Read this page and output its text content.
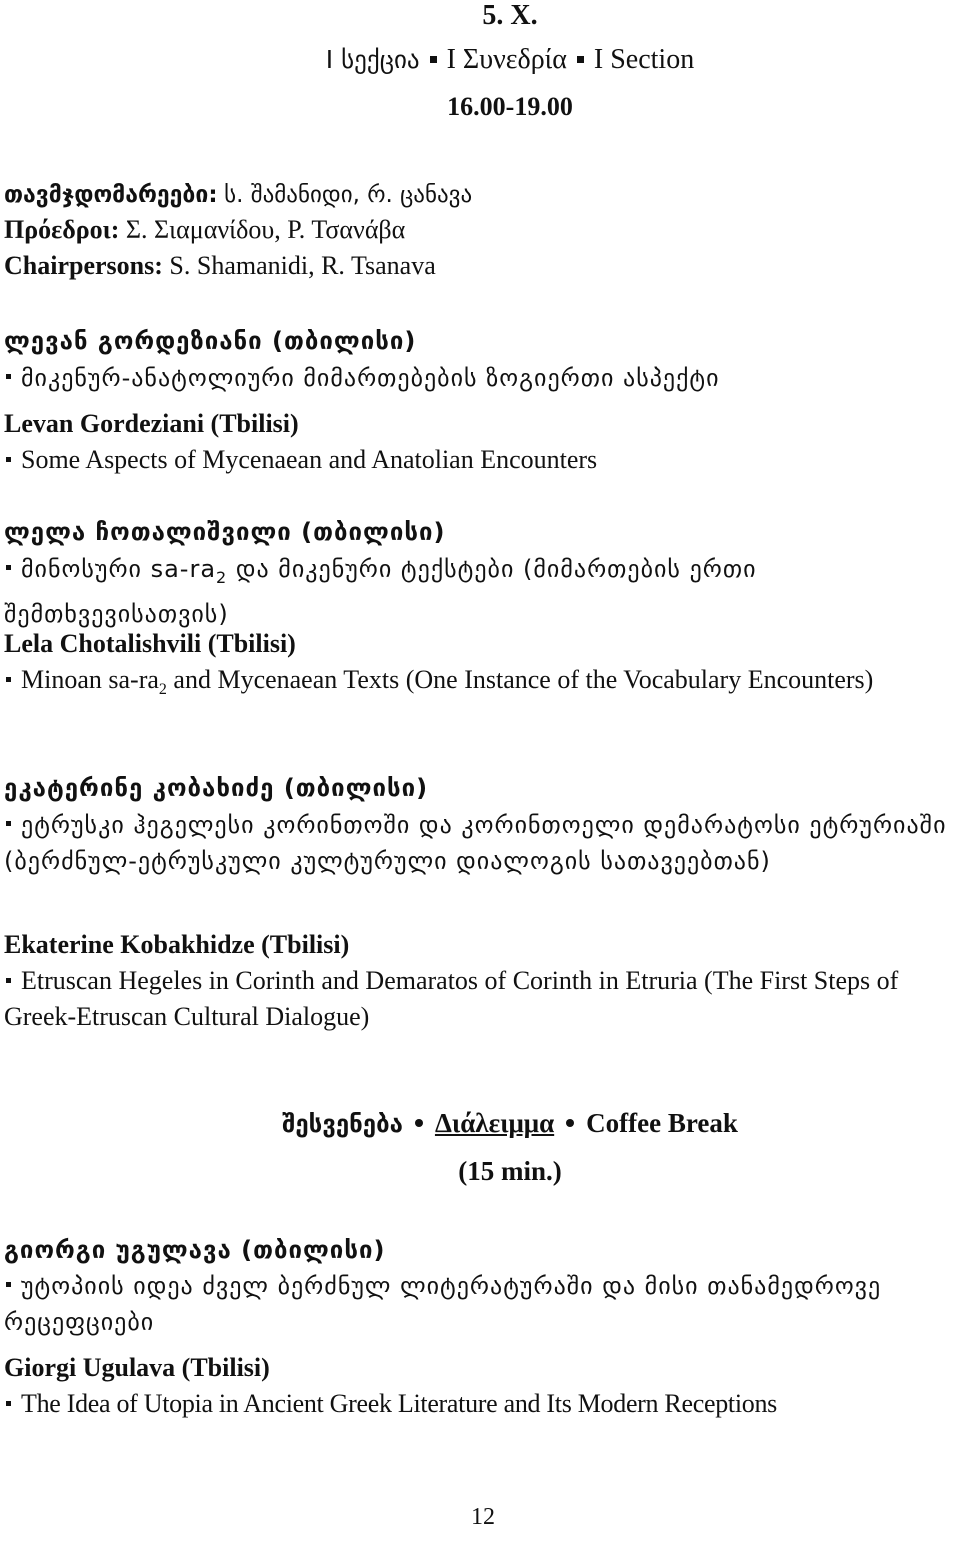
5. X.
I სექცია I Συνεδρία I Section
16.00-19.00
თავმჯდომარეები: ს. შამანიდი, რ. ცანავა
Πρόεδροι: Σ. Σιαμανίδου, Ρ. Τσανάβα
Chairpersons: S. Shamanidi, R. Tsanava
ლევან გორდეზიანი (თბილისი)
მიკენურ-ანატოლიური მიმართებების ზოგიერთი ასპექტი
Levan Gordeziani (Tbilisi)
Some Aspects of Mycenaean and Anatolian Encounters
ლელა ჩოთალიშვილი (თბილისი)
მინოსური $sa-ra_2$ და მიკენური ტექსტები (მიმართების ერთი შემთხვევისათვის)
Lela Chotalishvili (Tbilisi)
Minoan $sa-ra_2$ and Mycenaean Texts (One Instance of the Vocabulary Encounters)
ეკატერინე კობახიძე (თბილისი)
ეტრუსკი ჰეგელესი კორინთოში და კორინთოელი დემარატოსი ეტრურიაში (ბერძნულ-ეტრუსკული კულტურული დიალოგის სათავეებთან)
Ekaterine Kobakhidze (Tbilisi)
Etruscan Hegeles in Corinth and Demaratos of Corinth in Etruria (The First Steps of Greek-Etruscan Cultural Dialogue)
შესვენება Διάλειμμα Coffee Break
(15 min.)
გიორგი უგულავა (თბილისი)
უტოპიის იდეა ძველ ბერძნულ ლიტერატურაში და მისი თანამედროვე რეცეფციები
Giorgi Ugulava (Tbilisi)
The Idea of Utopia in Ancient Greek Literature and Its Modern Receptions
12
